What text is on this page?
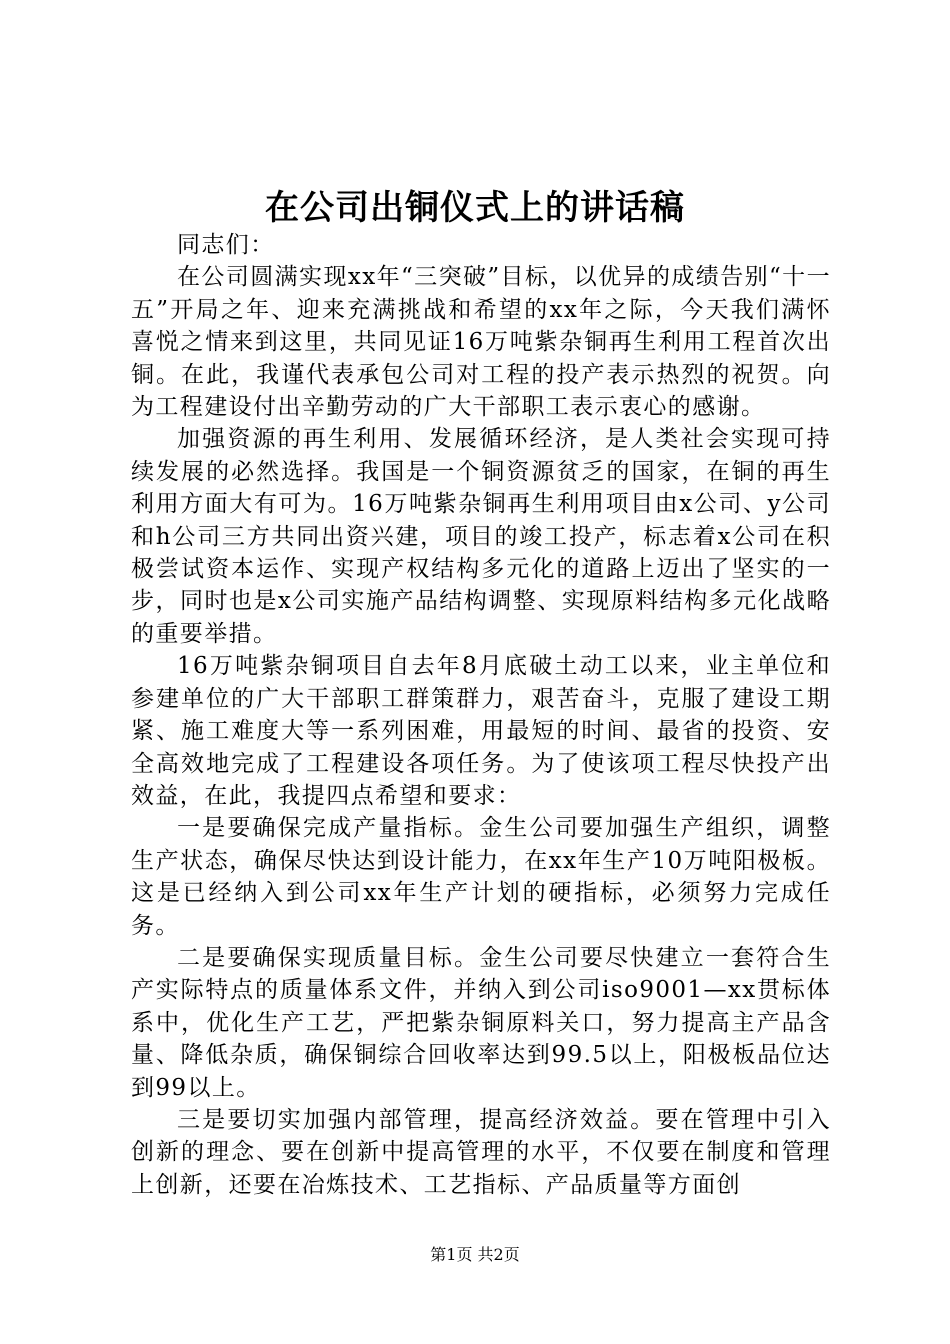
在公司出铜仪式上的讲话稿

同志们：

在公司圆满实现xx年“三突破”目标，以优异的成绩告别“十一五”开局之年、迎来充满挑战和希望的xx年之际，今天我们满怀喜悦之情来到这里，共同见证16万吨紫杂铜再生利用工程首次出铜。在此，我谨代表承包公司对工程的投产表示热烈的祝贺。向为工程建设付出辛勤劳动的广大干部职工表示衷心的感谢。

加强资源的再生利用、发展循环经济，是人类社会实现可持续发展的必然选择。我国是一个铜资源贫乏的国家，在铜的再生利用方面大有可为。16万吨紫杂铜再生利用项目由x公司、y公司和h公司三方共同出资兴建，项目的竣工投产，标志着x公司在积极尝试资本运作、实现产权结构多元化的道路上迈出了坚实的一步，同时也是x公司实施产品结构调整、实现原料结构多元化战略的重要举措。

16万吨紫杂铜项目自去年8月底破土动工以来，业主单位和参建单位的广大干部职工群策群力，艰苦奋斗，克服了建设工期紧、施工难度大等一系列困难，用最短的时间、最省的投资、安全高效地完成了工程建设各项任务。为了使该项工程尽快投产出效益，在此，我提四点希望和要求：

一是要确保完成产量指标。金生公司要加强生产组织，调整生产状态，确保尽快达到设计能力，在xx年生产10万吨阳极板。这是已经纳入到公司xx年生产计划的硬指标，必须努力完成任务。

二是要确保实现质量目标。金生公司要尽快建立一套符合生产实际特点的质量体系文件，并纳入到公司iso9001—xx贯标体系中，优化生产工艺，严把紫杂铜原料关口，努力提高主产品含量、降低杂质，确保铜综合回收率达到99.5以上，阳极板品位达到99以上。

三是要切实加强内部管理，提高经济效益。要在管理中引入创新的理念、要在创新中提高管理的水平，不仅要在制度和管理上创新，还要在冶炼技术、工艺指标、产品质量等方面创

第1页 共2页
